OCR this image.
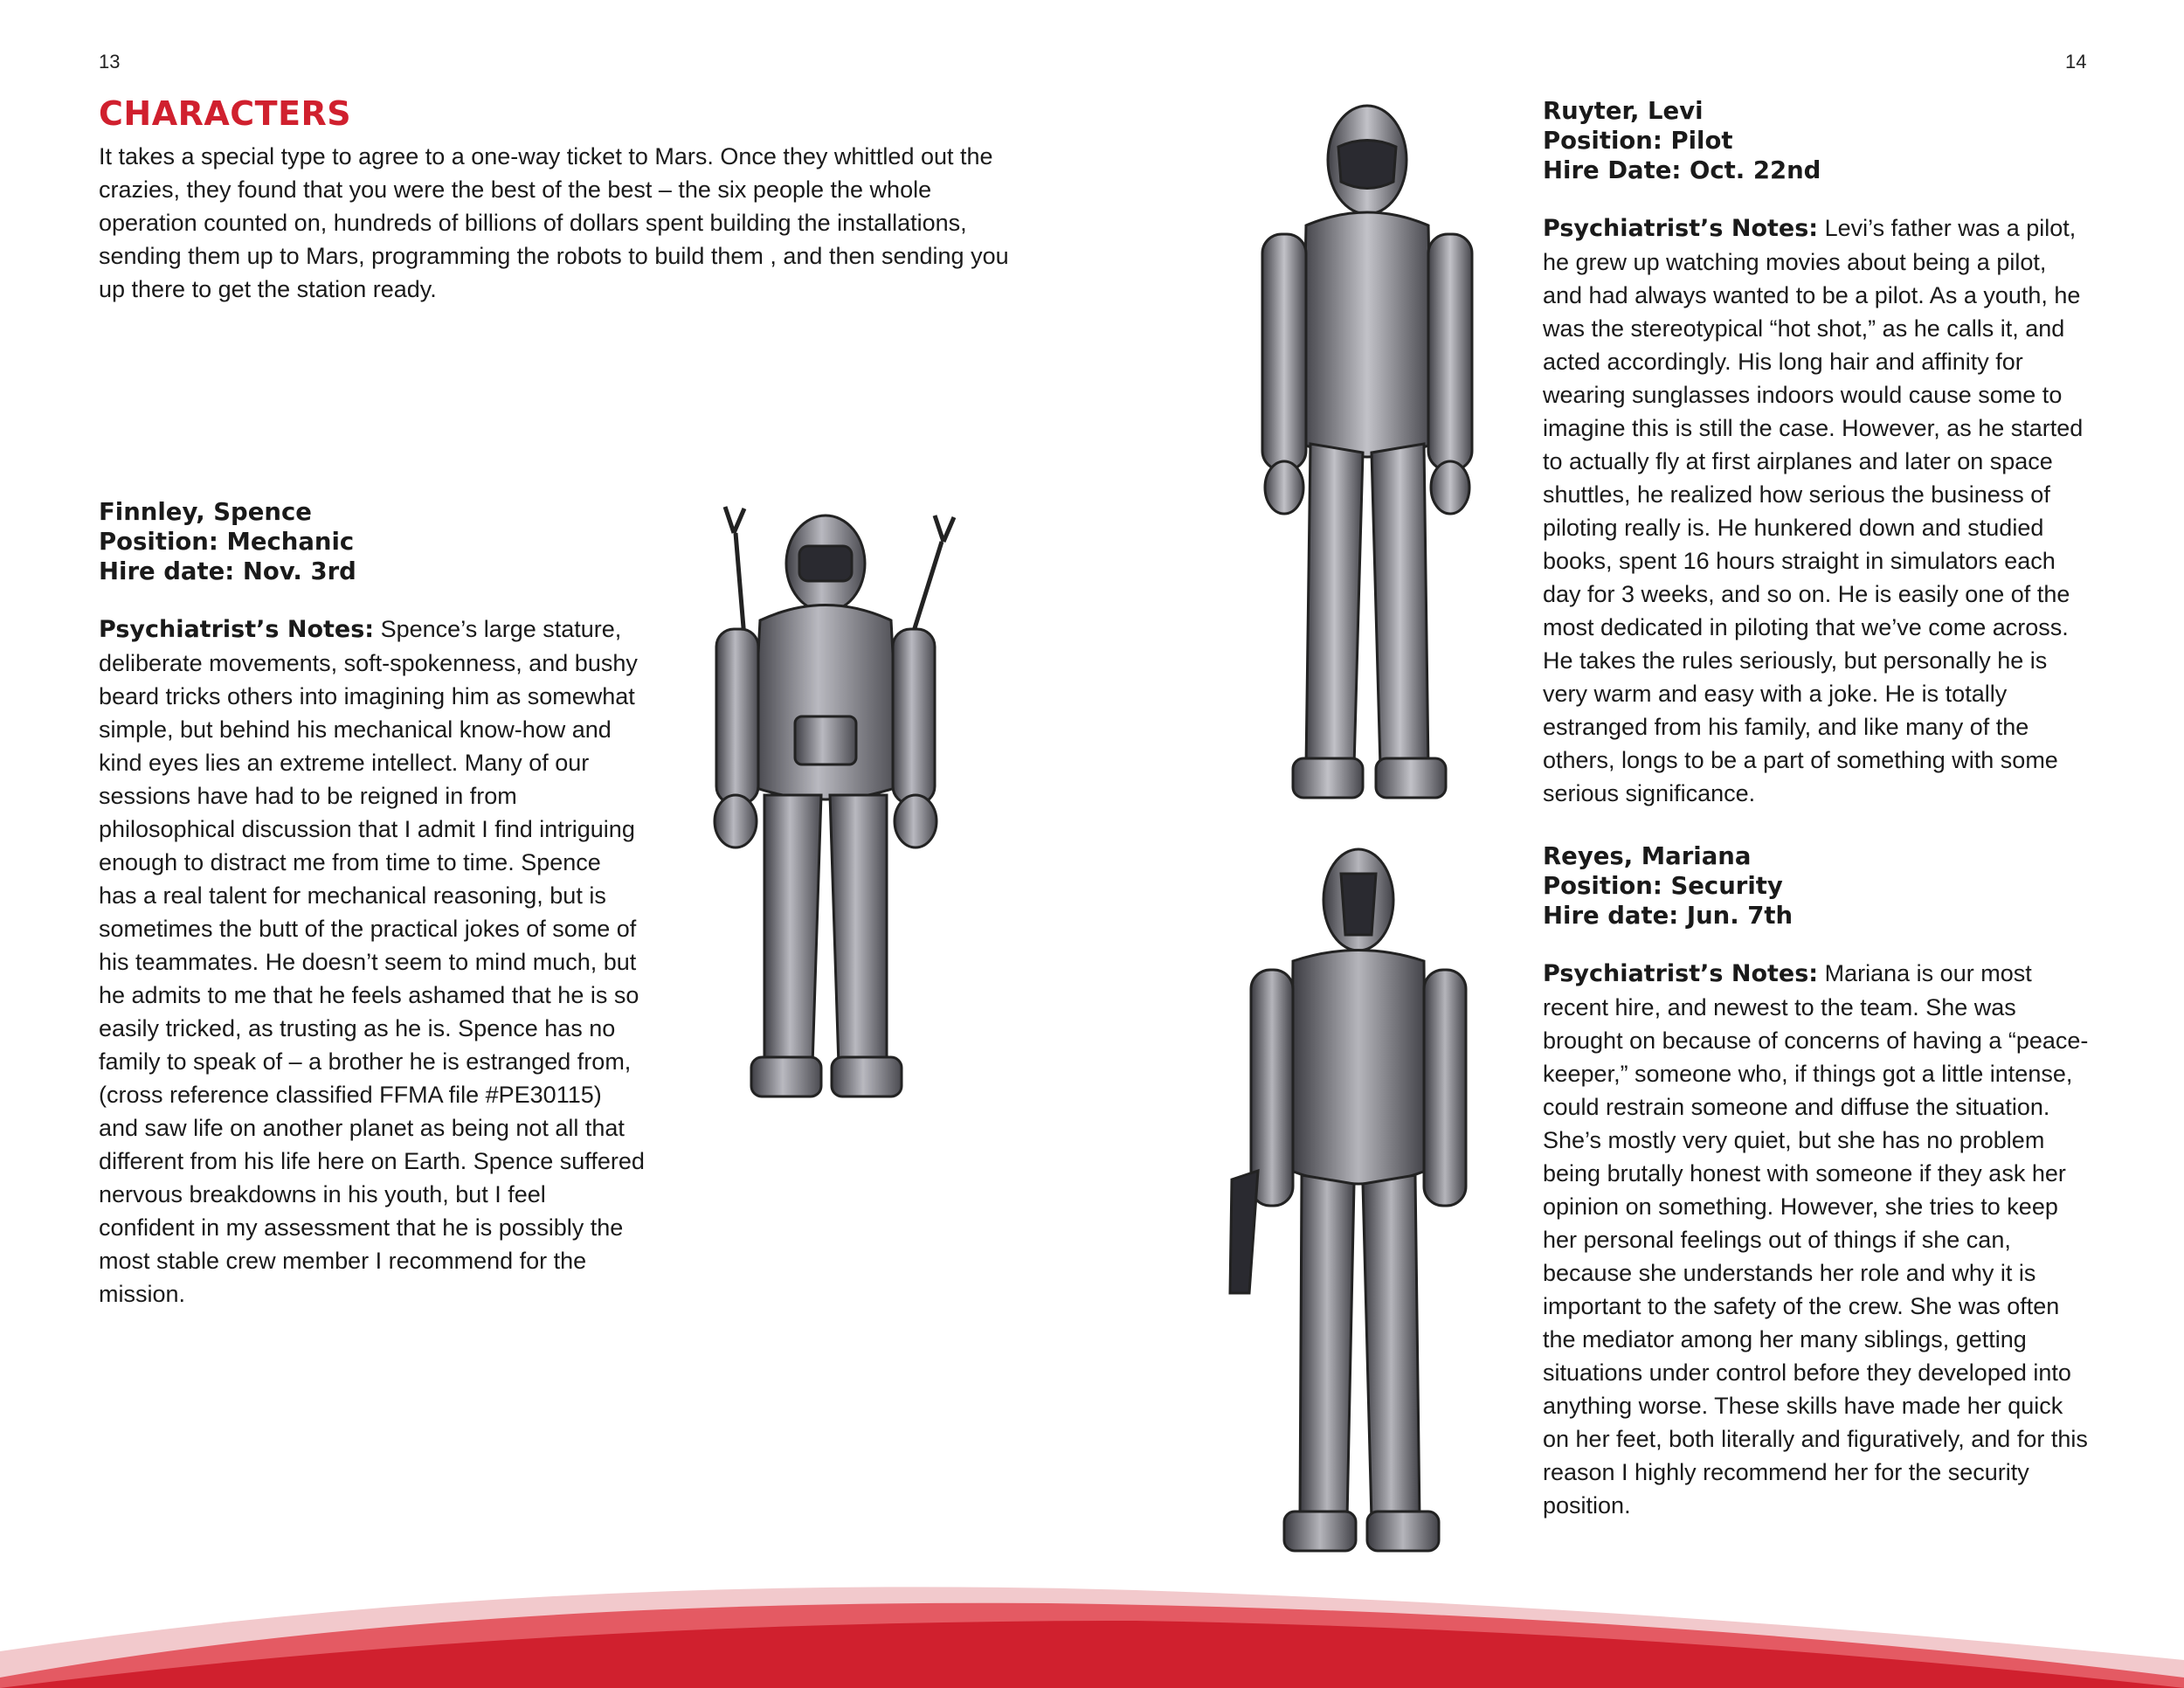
13	14
CHARACTERS

It takes a special type to agree to a one-way ticket to Mars. Once they whittled out the crazies, they found that you were the best of the best – the six people the whole operation counted on, hundreds of billions of dollars spent building the installations, sending them up to Mars, programming the robots to build them , and then sending you up there to get the station ready.

Finnley, Spence

Position: Mechanic

Hire date: Nov. 3rd

Psychiatrist’s Notes: Spence’s large stature, deliberate movements, soft-spokenness, and bushy beard tricks others into imagining him as somewhat simple, but behind his mechanical know-how and kind eyes lies an extreme intellect. Many of our sessions have had to be reigned in from philosophical discussion that I admit I find intriguing enough to distract me from time to time. Spence has a real talent for mechanical reasoning, but is sometimes the butt of the practical jokes of some of his teammates. He doesn’t seem to mind much, but he admits to me that he feels ashamed that he is so easily tricked, as trusting as he is. Spence has no family to speak of – a brother he is estranged from, (cross reference classified FFMA file #PE30115) and saw life on another planet as being not all that different from his life here on Earth. Spence suffered nervous breakdowns in his youth, but I feel confident in my assessment that he is possibly the most stable crew member I recommend for the mission.

Ruyter, Levi

Position: Pilot

Hire Date: Oct. 22nd

Psychiatrist’s Notes: Levi’s father was a pilot, he grew up watching movies about being a pilot, and had always wanted to be a pilot. As a youth, he was the stereotypical “hot shot,” as he calls it, and acted accordingly. His long hair and affinity for wearing sunglasses indoors would cause some to imagine this is still the case. However, as he started to actually fly at first airplanes and later on space shuttles, he realized how serious the business of piloting really is. He hunkered down and studied books, spent 16 hours straight in simulators each day for 3 weeks, and so on. He is easily one of the most dedicated in piloting that we’ve come across. He takes the rules seriously, but personally he is very warm and easy with a joke. He is totally estranged from his family, and like many of the others, longs to be a part of something with some serious significance.

Reyes, Mariana

Position: Security

Hire date: Jun. 7th

Psychiatrist’s Notes: Mariana is our most recent hire, and newest to the team. She was brought on because of concerns of having a “peace-keeper,” someone who, if things got a little intense, could restrain someone and diffuse the situation. She’s mostly very quiet, but she has no problem being brutally honest with someone if they ask her opinion on something. However, she tries to keep her personal feelings out of things if she can, because she understands her role and why it is important to the safety of the crew. She was often the mediator among her many siblings, getting situations under control before they developed into anything worse. These skills have made her quick on her feet, both literally and figuratively, and for this reason I highly recommend her for the security position.
